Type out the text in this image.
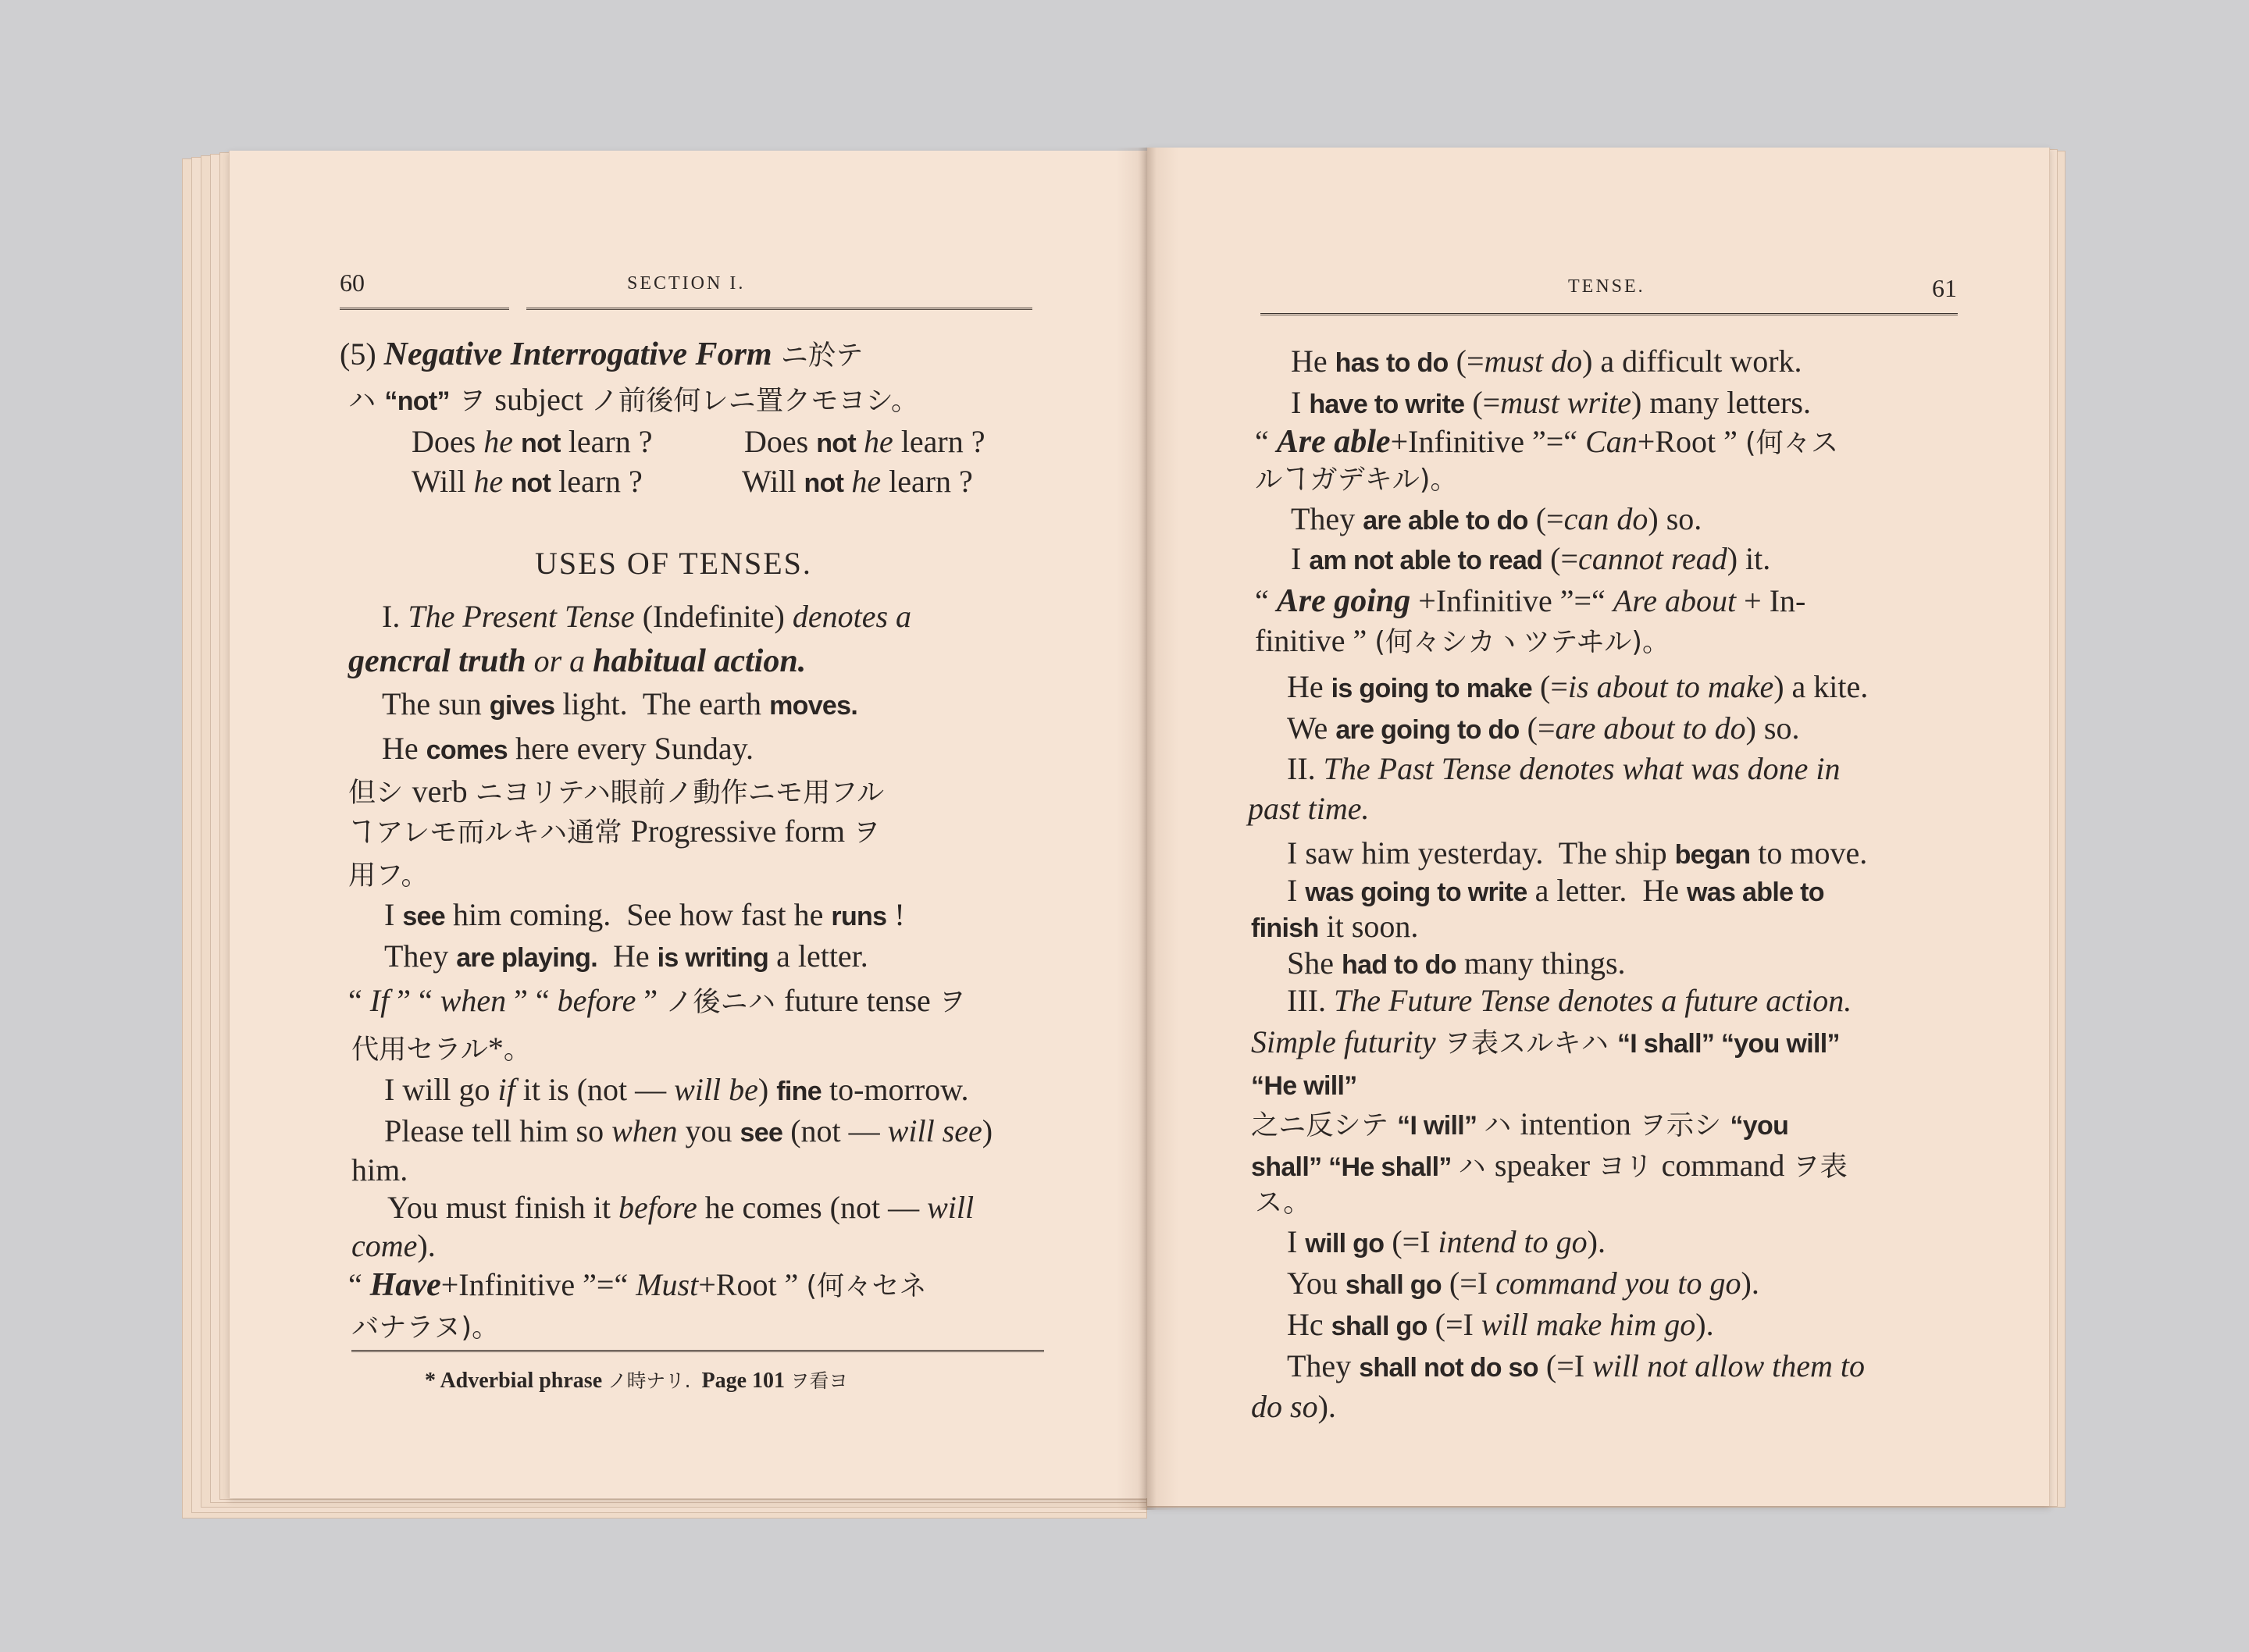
60	SECTION I.
(5) Negative Interrogative Form ニ於テ
ハ “not” ヲ subject ノ前後何レニ置クモヨシ。
Does he not learn ?	Does not he learn ?
Will he not learn ?	Will not he learn ?
USES OF TENSES.
I. The Present Tense (Indefinite) denotes a
gencral truth or a habitual action.
The sun gives light.  The earth moves.
He comes here every Sunday.
但シ verb ニヨリテハ眼前ノ動作ニモ用フル
ヿアレモ而ルキハ通常 Progressive form ヲ
用フ。
I see him coming.  See how fast he runs !
They are playing.  He is writing a letter.
“ If ” “ when ” “ before ” ノ後ニハ future tense ヲ
代用セラル*。
I will go if it is (not — will be) fine to-morrow.
Please tell him so when you see (not — will see)
him.
You must finish it before he comes (not — will
come).
“ Have+Infinitive ”=“ Must+Root ” (何々セネ
バナラヌ)。
* Adverbial phrase ノ時ナリ.  Page 101 ヲ看ヨ
TENSE.	61
He has to do (=must do) a difficult work.
I have to write (=must write) many letters.
“ Are able+Infinitive ”=“ Can+Root ” (何々ス
ルヿガデキル)。
They are able to do (=can do) so.
I am not able to read (=cannot read) it.
“ Are going +Infinitive ”=“ Are about + In-
finitive ” (何々シカヽツテヰル)。
He is going to make (=is about to make) a kite.
We are going to do (=are about to do) so.
II. The Past Tense denotes what was done in
past time.
I saw him yesterday.  The ship began to move.
I was going to write a letter.  He was able to
finish it soon.
She had to do many things.
III. The Future Tense denotes a future action.
Simple futurity ヲ表スルキハ “I shall” “you will”
“He will”
之ニ反シテ “I will” ハ intention ヲ示シ “you
shall” “He shall” ハ speaker ヨリ command ヲ表
ス。
I will go (=I intend to go).
You shall go (=I command you to go).
Hc shall go (=I will make him go).
They shall not do so (=I will not allow them to
do so).
